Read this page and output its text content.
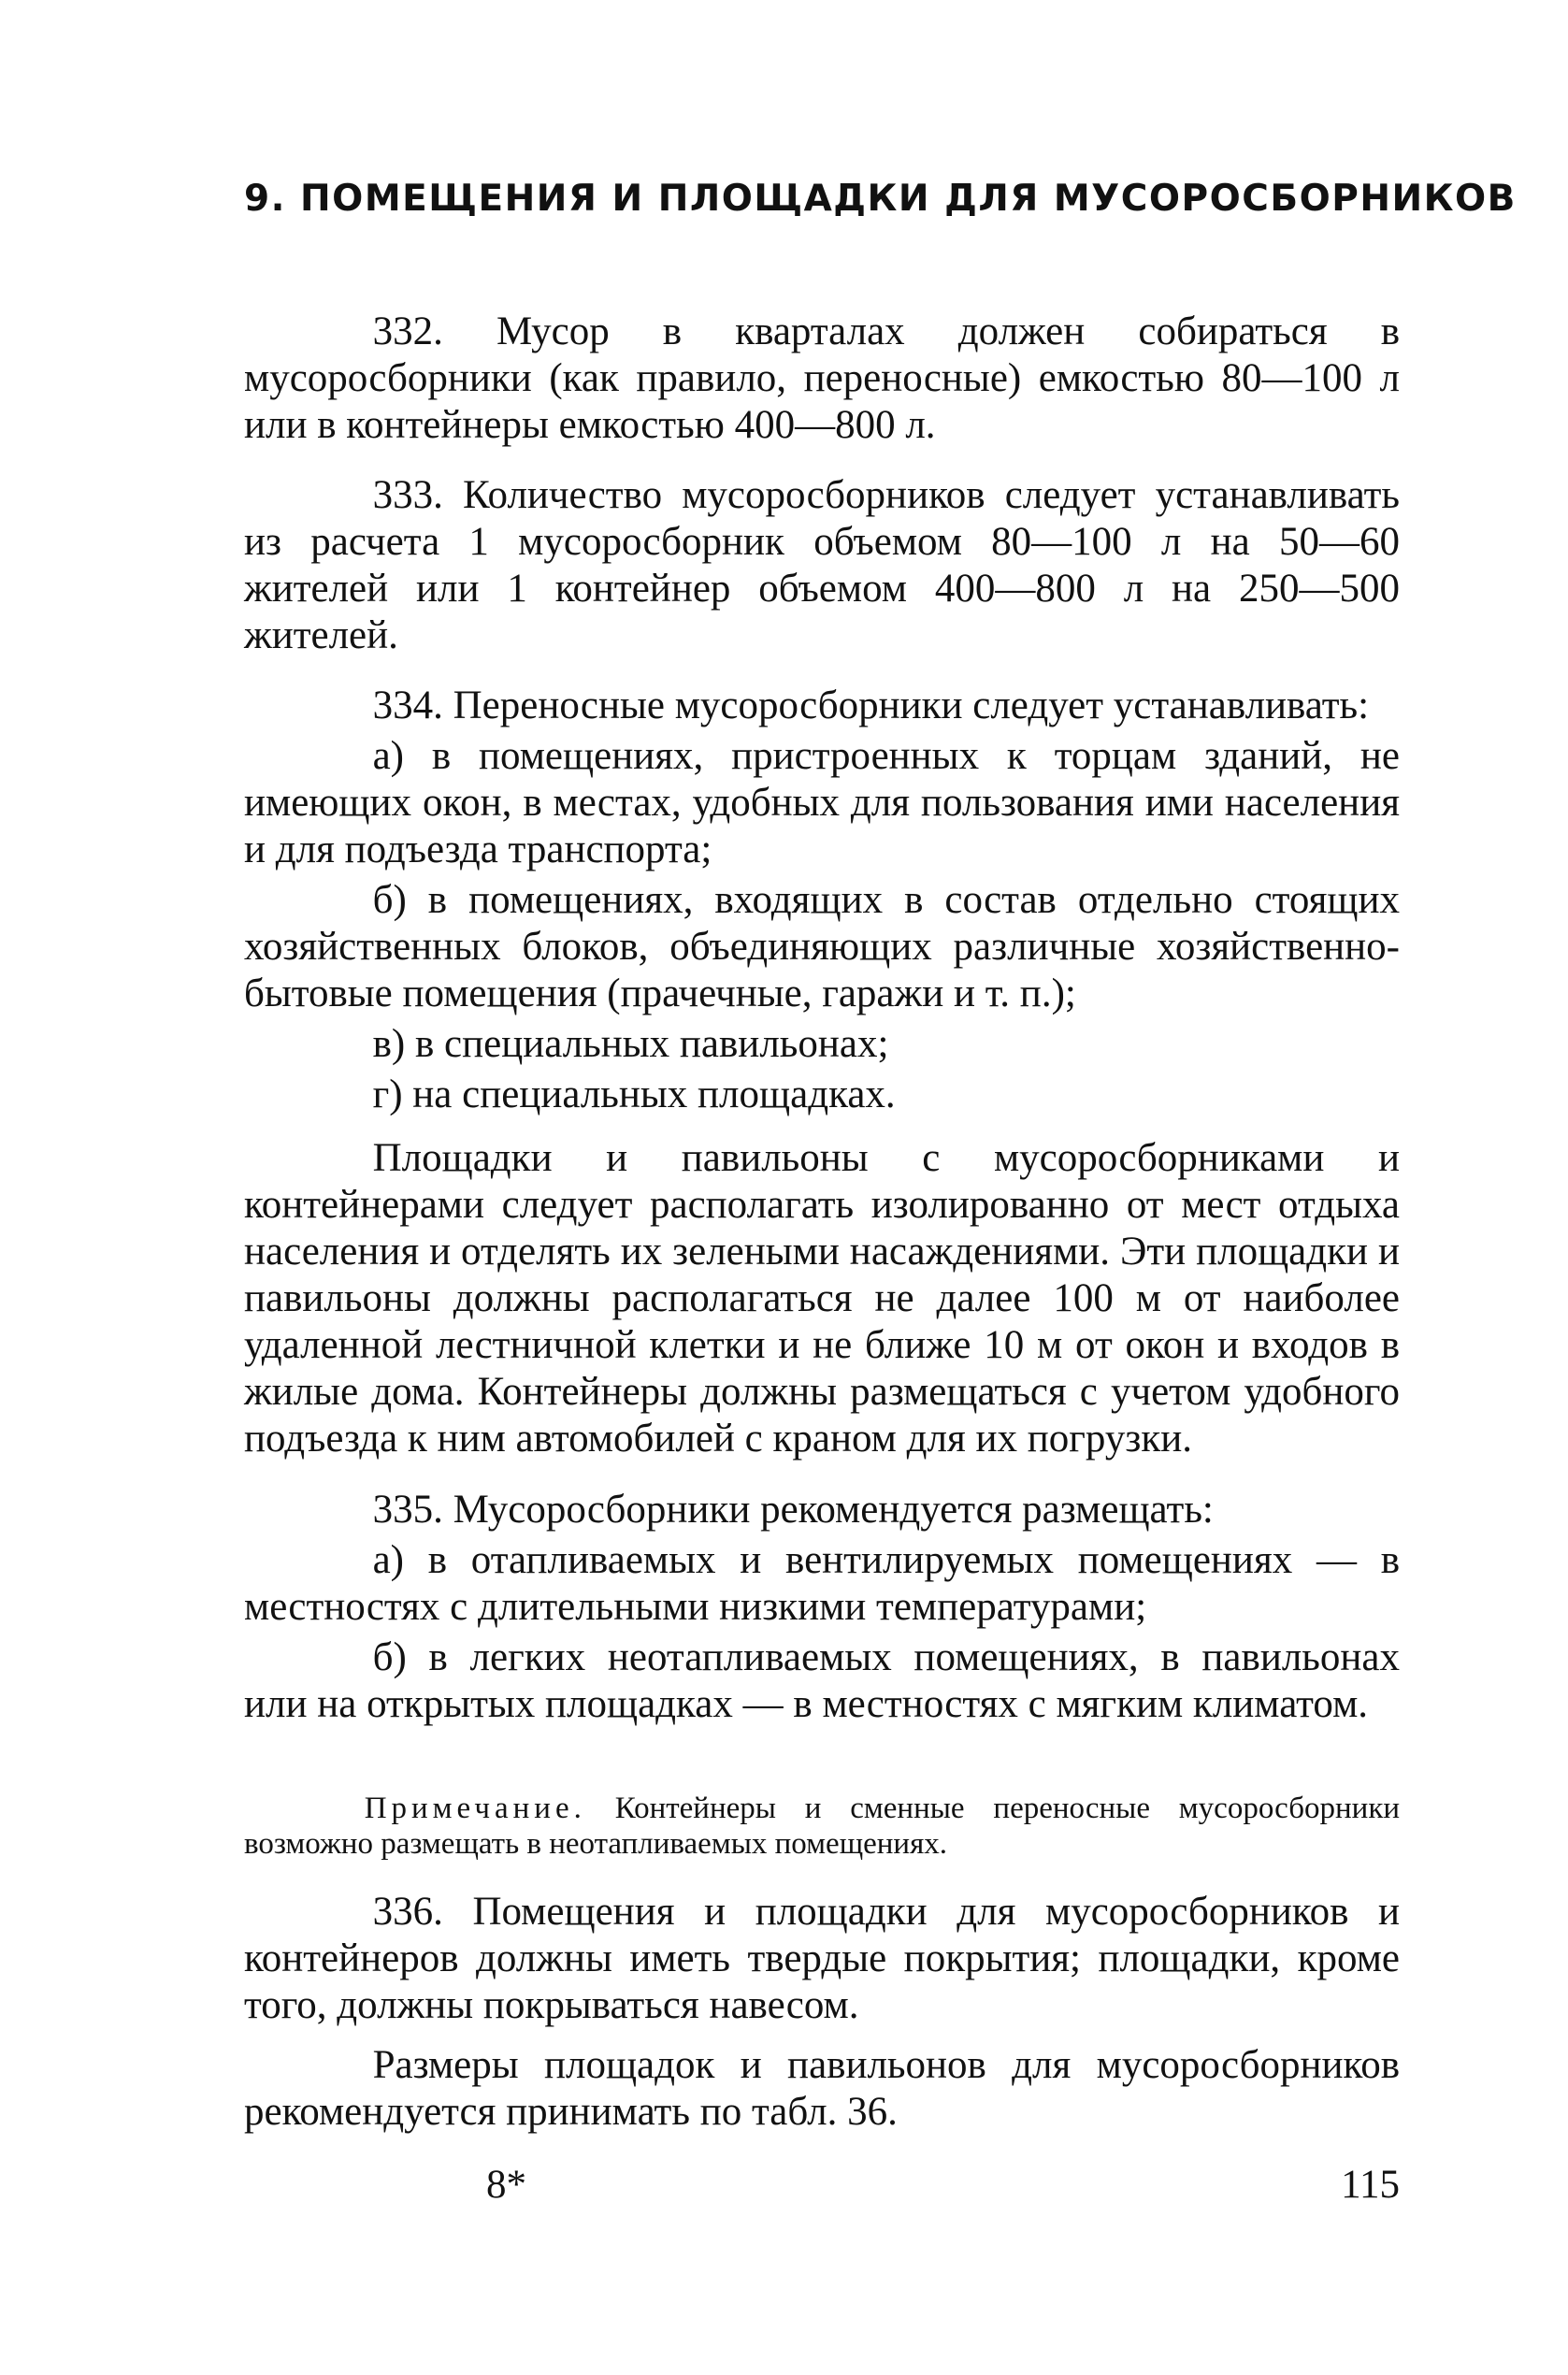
9. ПОМЕЩЕНИЯ И ПЛОЩАДКИ ДЛЯ МУСОРОСБОРНИКОВ

332. Мусор в кварталах должен собираться в мусоросборники (как правило, переносные) емкостью 80—100 л или в контейнеры емкостью 400—800 л.

333. Количество мусоросборников следует устанавливать из расчета 1 мусоросборник объемом 80—100 л на 50—60 жителей или 1 контейнер объемом 400—800 л на 250—500 жителей.

334. Переносные мусоросборники следует устанавливать:

а) в помещениях, пристроенных к торцам зданий, не имеющих окон, в местах, удобных для пользования ими населения и для подъезда транспорта;

б) в помещениях, входящих в состав отдельно стоящих хозяйственных блоков, объединяющих различные хозяйственно-бытовые помещения (прачечные, гаражи и т. п.);

в) в специальных павильонах;

г) на специальных площадках.

Площадки и павильоны с мусоросборниками и контейнерами следует располагать изолированно от мест отдыха населения и отделять их зелеными насаждениями. Эти площадки и павильоны должны располагаться не далее 100 м от наиболее удаленной лестничной клетки и не ближе 10 м от окон и входов в жилые дома. Контейнеры должны размещаться с учетом удобного подъезда к ним автомобилей с краном для их погрузки.

335. Мусоросборники рекомендуется размещать:

а) в отапливаемых и вентилируемых помещениях — в местностях с длительными низкими температурами;

б) в легких неотапливаемых помещениях, в павильонах или на открытых площадках — в местностях с мягким климатом.

Примечание. Контейнеры и сменные переносные мусоросборники возможно размещать в неотапливаемых помещениях.

336. Помещения и площадки для мусоросборников и контейнеров должны иметь твердые покрытия; площадки, кроме того, должны покрываться навесом.

Размеры площадок и павильонов для мусоросборников рекомендуется принимать по табл. 36.

8*	115
